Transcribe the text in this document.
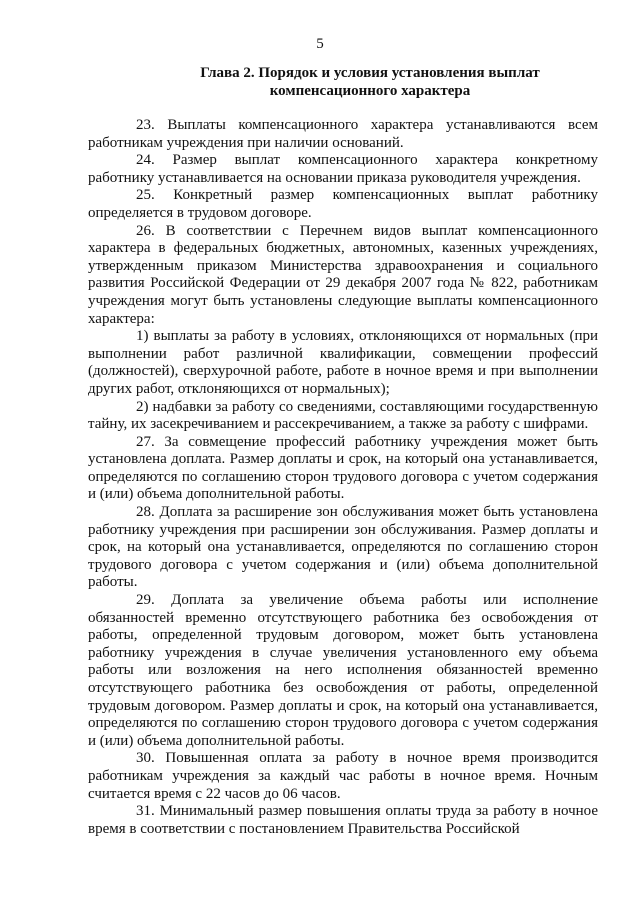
5
Глава 2. Порядок и условия установления выплат
компенсационного характера

23. Выплаты компенсационного характера устанавливаются всем работникам учреждения при наличии оснований.

24. Размер выплат компенсационного характера конкретному работнику устанавливается на основании приказа руководителя учреждения.

25. Конкретный размер компенсационных выплат работнику определяется в трудовом договоре.

26. В соответствии с Перечнем видов выплат компенсационного характера в федеральных бюджетных, автономных, казенных учреждениях, утвержденным приказом Министерства здравоохранения и социального развития Российской Федерации от 29 декабря 2007 года № 822, работникам учреждения могут быть установлены следующие выплаты компенсационного характера:

1) выплаты за работу в условиях, отклоняющихся от нормальных (при выполнении работ различной квалификации, совмещении профессий (должностей), сверхурочной работе, работе в ночное время и при выполнении других работ, отклоняющихся от нормальных);

2) надбавки за работу со сведениями, составляющими государственную тайну, их засекречиванием и рассекречиванием, а также за работу с шифрами.

27. За совмещение профессий работнику учреждения может быть установлена доплата. Размер доплаты и срок, на который она устанавливается, определяются по соглашению сторон трудового договора с учетом содержания и (или) объема дополнительной работы.

28. Доплата за расширение зон обслуживания может быть установлена работнику учреждения при расширении зон обслуживания. Размер доплаты и срок, на который она устанавливается, определяются по соглашению сторон трудового договора с учетом содержания и (или) объема дополнительной работы.

29. Доплата за увеличение объема работы или исполнение обязанностей временно отсутствующего работника без освобождения от работы, определенной трудовым договором, может быть установлена работнику учреждения в случае увеличения установленного ему объема работы или возложения на него исполнения обязанностей временно отсутствующего работника без освобождения от работы, определенной трудовым договором. Размер доплаты и срок, на который она устанавливается, определяются по соглашению сторон трудового договора с учетом содержания и (или) объема дополнительной работы.

30. Повышенная оплата за работу в ночное время производится работникам учреждения за каждый час работы в ночное время. Ночным считается время с 22 часов до 06 часов.

31. Минимальный размер повышения оплаты труда за работу в ночное время в соответствии с постановлением Правительства Российской
